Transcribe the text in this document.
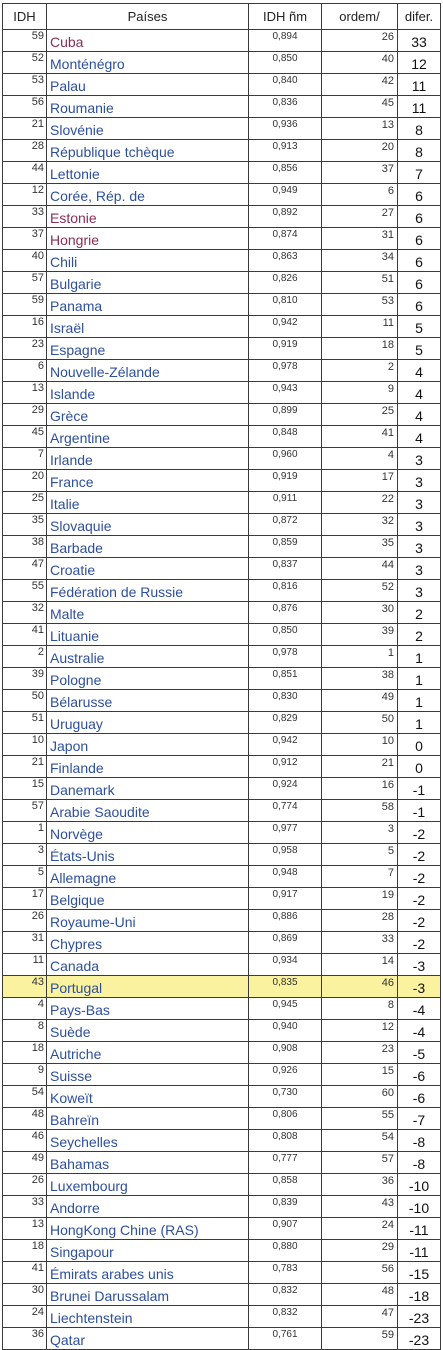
IDH	Países	IDH ñm	ordem/	difer.
59	Cuba	0,894	26	33
52	Monténégro	0,850	40	12
53	Palau	0,840	42	11
56	Roumanie	0,836	45	11
21	Slovénie	0,936	13	8
28	République tchèque	0,913	20	8
44	Lettonie	0,856	37	7
12	Corée, Rép. de	0,949	6	6
33	Estonie	0,892	27	6
37	Hongrie	0,874	31	6
40	Chili	0,863	34	6
57	Bulgarie	0,826	51	6
59	Panama	0,810	53	6
16	Israël	0,942	11	5
23	Espagne	0,919	18	5
6	Nouvelle-Zélande	0,978	2	4
13	Islande	0,943	9	4
29	Grèce	0,899	25	4
45	Argentine	0,848	41	4
7	Irlande	0,960	4	3
20	France	0,919	17	3
25	Italie	0,911	22	3
35	Slovaquie	0,872	32	3
38	Barbade	0,859	35	3
47	Croatie	0,837	44	3
55	Fédération de Russie	0,816	52	3
32	Malte	0,876	30	2
41	Lituanie	0,850	39	2
2	Australie	0,978	1	1
39	Pologne	0,851	38	1
50	Bélarusse	0,830	49	1
51	Uruguay	0,829	50	1
10	Japon	0,942	10	0
21	Finlande	0,912	21	0
15	Danemark	0,924	16	-1
57	Arabie Saoudite	0,774	58	-1
1	Norvège	0,977	3	-2
3	États-Unis	0,958	5	-2
5	Allemagne	0,948	7	-2
17	Belgique	0,917	19	-2
26	Royaume-Uni	0,886	28	-2
31	Chypres	0,869	33	-2
11	Canada	0,934	14	-3
43	Portugal	0,835	46	-3
4	Pays-Bas	0,945	8	-4
8	Suède	0,940	12	-4
18	Autriche	0,908	23	-5
9	Suisse	0,926	15	-6
54	Koweït	0,730	60	-6
48	Bahreïn	0,806	55	-7
46	Seychelles	0,808	54	-8
49	Bahamas	0,777	57	-8
26	Luxembourg	0,858	36	-10
33	Andorre	0,839	43	-10
13	HongKong Chine (RAS)	0,907	24	-11
18	Singapour	0,880	29	-11
41	Émirats arabes unis	0,783	56	-15
30	Brunei Darussalam	0,832	48	-18
24	Liechtenstein	0,832	47	-23
36	Qatar	0,761	59	-23
